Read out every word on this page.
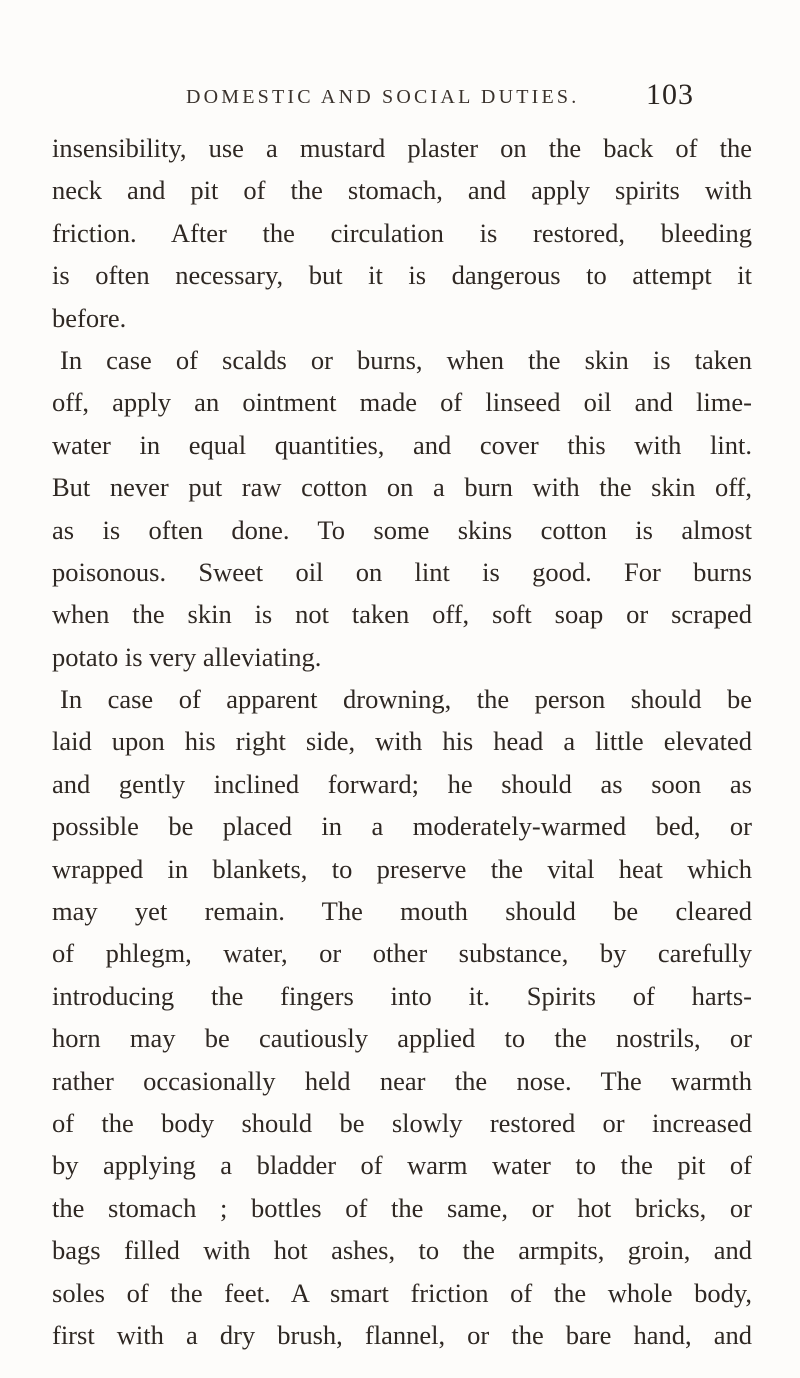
DOMESTIC AND SOCIAL DUTIES. 103
insensibility, use a mustard plaster on the back of the
neck and pit of the stomach, and apply spirits with
friction. After the circulation is restored, bleeding
is often necessary, but it is dangerous to attempt it
before.
In case of scalds or burns, when the skin is taken
off, apply an ointment made of linseed oil and lime-
water in equal quantities, and cover this with lint.
But never put raw cotton on a burn with the skin off,
as is often done. To some skins cotton is almost
poisonous. Sweet oil on lint is good. For burns
when the skin is not taken off, soft soap or scraped
potato is very alleviating.
In case of apparent drowning, the person should be
laid upon his right side, with his head a little elevated
and gently inclined forward; he should as soon as
possible be placed in a moderately-warmed bed, or
wrapped in blankets, to preserve the vital heat which
may yet remain. The mouth should be cleared
of phlegm, water, or other substance, by carefully
introducing the fingers into it. Spirits of harts-
horn may be cautiously applied to the nostrils, or
rather occasionally held near the nose. The warmth
of the body should be slowly restored or increased
by applying a bladder of warm water to the pit of
the stomach ; bottles of the same, or hot bricks, or
bags filled with hot ashes, to the armpits, groin, and
soles of the feet. A smart friction of the whole body,
first with a dry brush, flannel, or the bare hand, and
